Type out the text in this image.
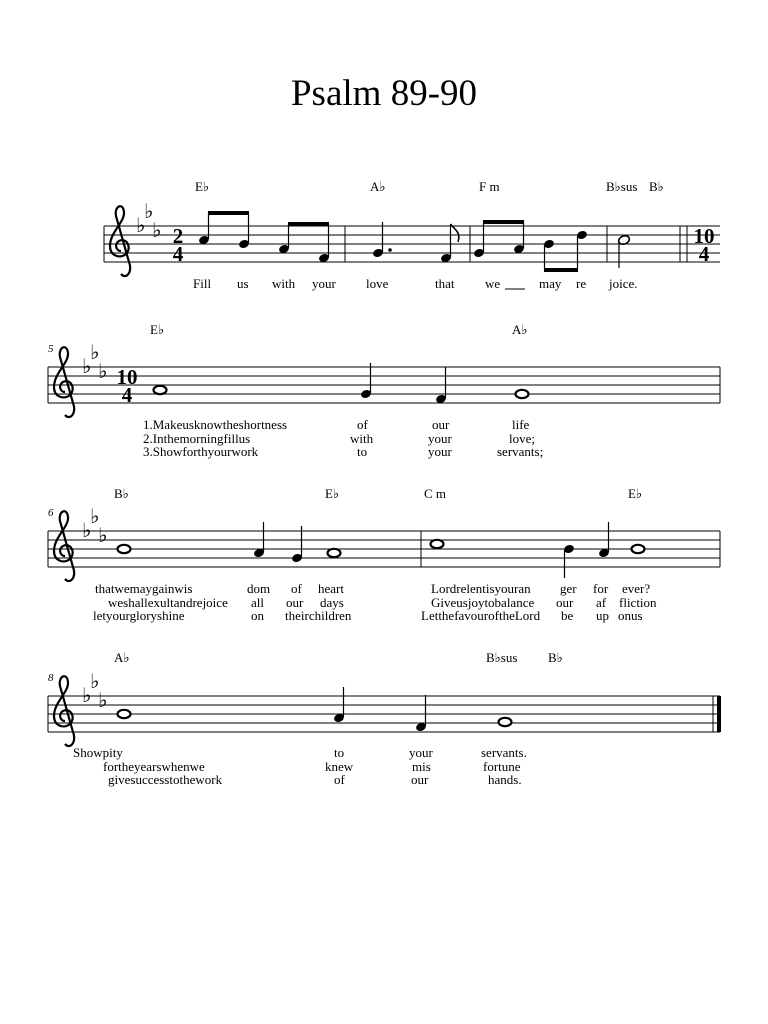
Psalm 89-90
E♭	A♭	F m	B♭sus B♭
♭
♭
♭ 2
4
10
4
Fill us with your love	that we	may re joice.
5
E♭	A♭
♭
♭
♭ 10
4
1.Makeusknowtheshortness	of	our	life
2.Inthemorningfillus	with	your	love;
3.Showforthyourwork	to	your	servants;
6
B♭	E♭	C m	E♭
♭
♭
♭
thatwemaygainwis	dom of heart	Lordrelentisyouran ger for ever?
weshallexultandrejoice all our days	Giveusjoytobalance our af fliction
letyourgloryshine	on theirchildren	LetthefavouroftheLord be up onus
8
A♭	B♭sus B♭
♭
♭
♭
Showpity	to	your	servants.
fortheyearswhenwe	knew	mis	fortune
givesuccesstothework	of	our	hands.
